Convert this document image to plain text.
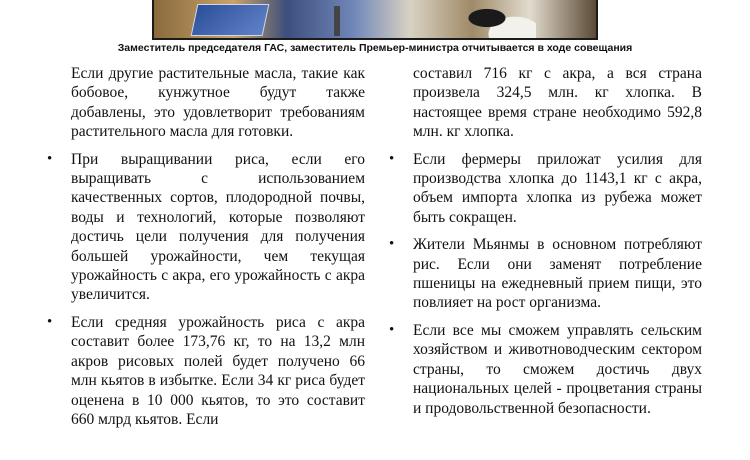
Заместитель председателя ГАС, заместитель Премьер-министра отчитывается в ходе совещания

Если другие растительные масла, такие как бобовое, кунжутное будут также добавлены, это удовлетворит требованиям растительного масла для готовки.

• При выращивании риса, если его выращивать с использованием качественных сортов, плодородной почвы, воды и технологий, которые позволяют достичь цели получения для получения большей урожайности, чем текущая урожайность с акра, его урожайность с акра увеличится.

• Если средняя урожайность риса с акра составит более 173,76 кг, то на 13,2 млн акров рисовых полей будет получено 66 млн кьятов в избытке. Если 34 кг риса будет оценена в 10 000 кьятов, то это составит 660 млрд кьятов. Если

составил 716 кг с акра, а вся страна произвела 324,5 млн. кг хлопка. В настоящее время стране необходимо 592,8 млн. кг хлопка.

• Если фермеры приложат усилия для производства хлопка до 1143,1 кг с акра, объем импорта хлопка из рубежа может быть сокращен.

• Жители Мьянмы в основном потребляют рис. Если они заменят потребление пшеницы на ежедневный прием пищи, это повлияет на рост организма.

• Если все мы сможем управлять сельским хозяйством и животноводческим сектором страны, то сможем достичь двух национальных целей - процветания страны и продовольственной безопасности.
